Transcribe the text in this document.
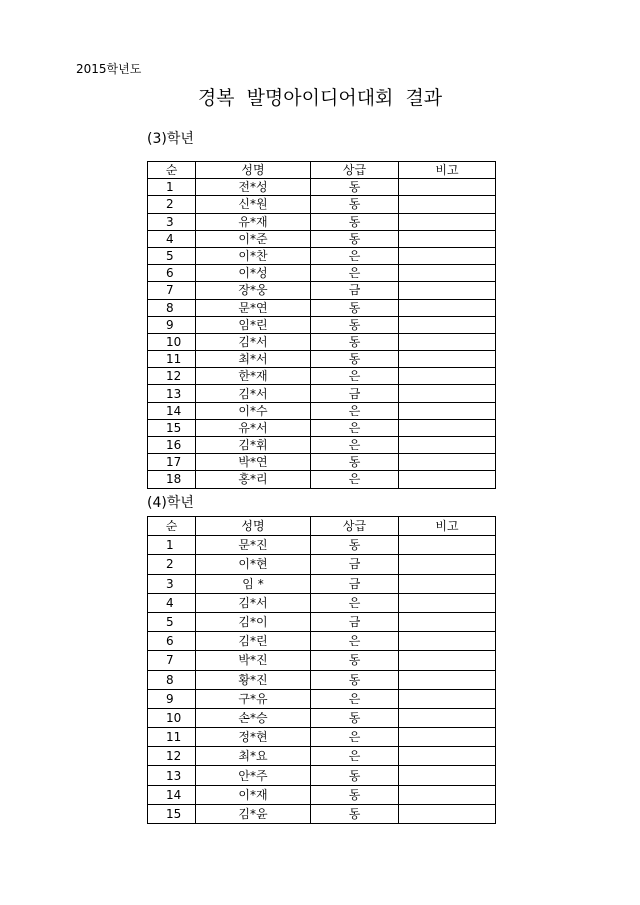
2015학년도
경복 발명아이디어대회 결과
(3)학년
순	성명	상급	비고
1	전*성	동	
2	신*원	동	
3	유*재	동	
4	이*준	동	
5	이*찬	은	
6	이*성	은	
7	장*웅	금	
8	문*연	동	
9	임*린	동	
10	김*서	동	
11	최*서	동	
12	한*재	은	
13	김*서	금	
14	이*수	은	
15	유*서	은	
16	김*휘	은	
17	박*연	동	
18	홍*리	은	
(4)학년
순	성명	상급	비고
1	문*진	동	
2	이*현	금	
3	임 *	금	
4	김*서	은	
5	김*이	금	
6	김*린	은	
7	박*진	동	
8	황*진	동	
9	구*유	은	
10	손*승	동	
11	정*현	은	
12	최*요	은	
13	안*주	동	
14	이*재	동	
15	김*윤	동	
